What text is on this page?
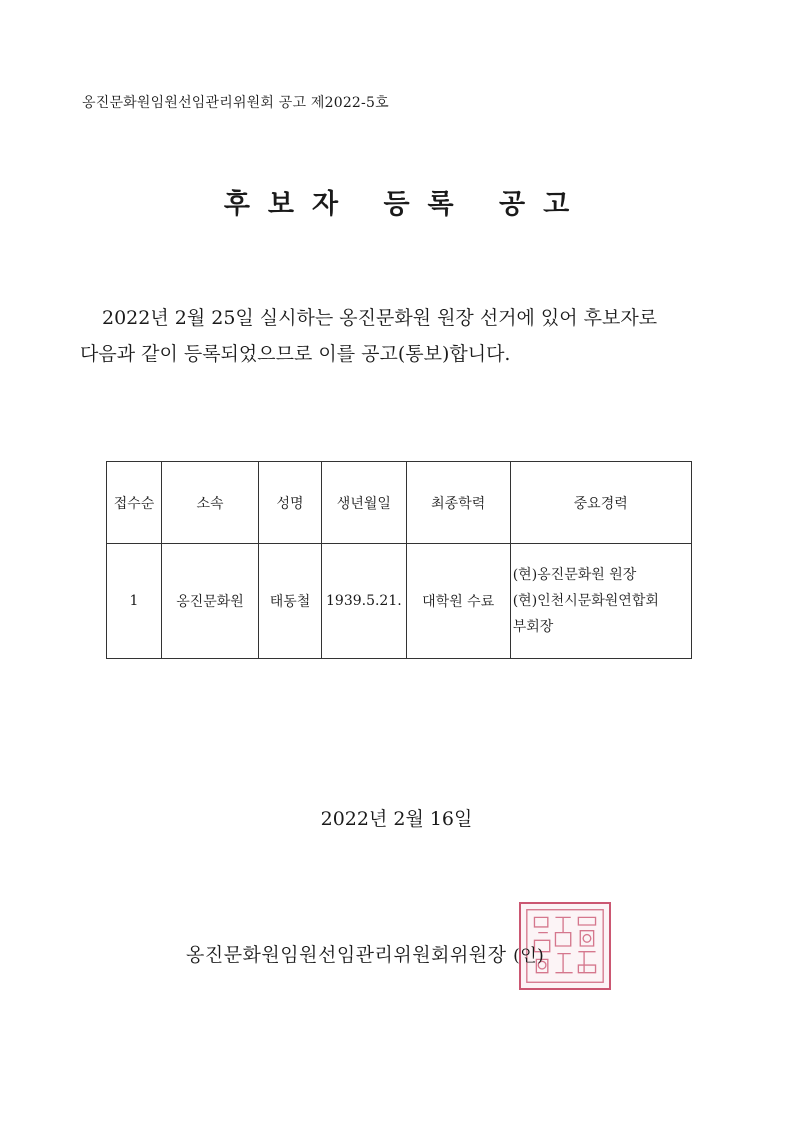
옹진문화원임원선임관리위원회 공고 제2022-5호
후보자 등록 공고
2022년 2월 25일 실시하는 옹진문화원 원장 선거에 있어 후보자로
다음과 같이 등록되었으므로 이를 공고(통보)합니다.
접수순	소속	성명	생년월일	최종학력	중요경력
1	옹진문화원	태동철	1939.5.21.	대학원 수료	(현)옹진문화원 원장
(현)인천시문화원연합회
부회장
2022년 2월 16일
옹진문화원임원선임관리위원회위원장 (인)
